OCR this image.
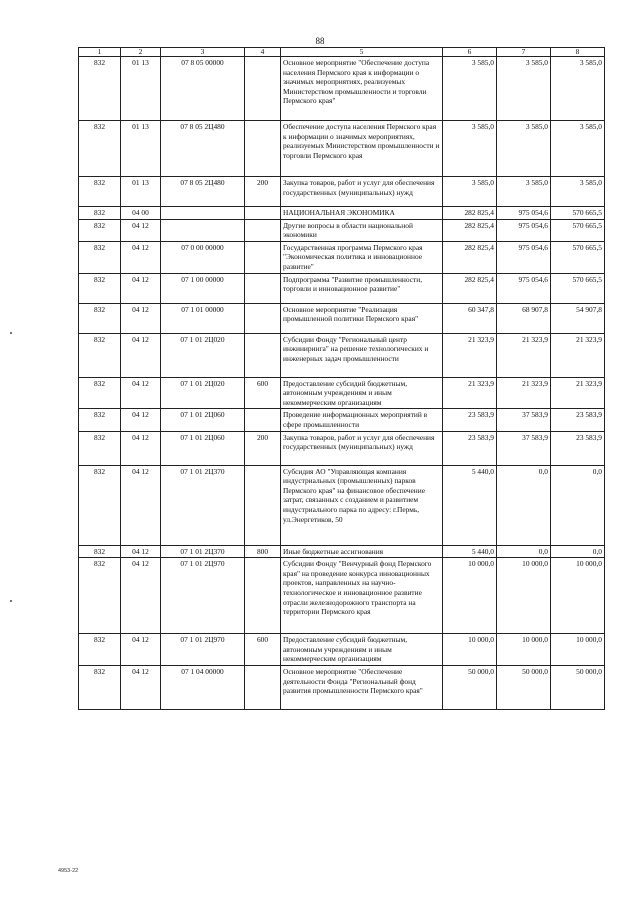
88
1	2	3	4	5	6	7	8
832	01 13	07 8 05 00000		Основное мероприятие "Обеспечение доступа населения Пермского края к информации о значимых мероприятиях, реализуемых Министерством промышленности и торговли Пермского края"	3 585,0	3 585,0	3 585,0
832	01 13	07 8 05 2Ц480		Обеспечение доступа населения Пермского края к информации о значимых мероприятиях, реализуемых Министерством промышленности и торговли Пермского края	3 585,0	3 585,0	3 585,0
832	01 13	07 8 05 2Ц480	200	Закупка товаров, работ и услуг для обеспечения государственных (муниципальных) нужд	3 585,0	3 585,0	3 585,0
832	04 00			НАЦИОНАЛЬНАЯ ЭКОНОМИКА	282 825,4	975 054,6	570 665,5
832	04 12			Другие вопросы в области национальной экономики	282 825,4	975 054,6	570 665,5
832	04 12	07 0 00 00000		Государственная программа Пермского края "Экономическая политика и инновационное развитие"	282 825,4	975 054,6	570 665,5
832	04 12	07 1 00 00000		Подпрограмма "Развитие промышленности, торговли и инновационное развитие"	282 825,4	975 054,6	570 665,5
832	04 12	07 1 01 00000		Основное мероприятие "Реализация промышленной политики Пермского края"	60 347,8	68 907,8	54 907,8
832	04 12	07 1 01 2Ц020		Субсидии Фонду "Региональный центр инжиниринга" на решение технологических и инженерных задач промышленности	21 323,9	21 323,9	21 323,9
832	04 12	07 1 01 2Ц020	600	Предоставление субсидий бюджетным, автономным учреждениям и иным некоммерческим организациям	21 323,9	21 323,9	21 323,9
832	04 12	07 1 01 2Ц060		Проведение информационных мероприятий в сфере промышленности	23 583,9	37 583,9	23 583,9
832	04 12	07 1 01 2Ц060	200	Закупка товаров, работ и услуг для обеспечения государственных (муниципальных) нужд	23 583,9	37 583,9	23 583,9
832	04 12	07 1 01 2Ц370		Субсидия АО "Управляющая компания индустриальных (промышленных) парков Пермского края" на финансовое обеспечение затрат, связанных с созданием и развитием индустриального парка по адресу: г.Пермь, ул.Энергетиков, 50	5 440,0	0,0	0,0
832	04 12	07 1 01 2Ц370	800	Иные бюджетные ассигнования	5 440,0	0,0	0,0
832	04 12	07 1 01 2Ц970		Субсидии Фонду "Венчурный фонд Пермского края" на проведение конкурса инновационных проектов, направленных на научно-технологическое и инновационное развитие отрасли железнодорожного транспорта на территории Пермского края	10 000,0	10 000,0	10 000,0
832	04 12	07 1 01 2Ц970	600	Предоставление субсидий бюджетным, автономным учреждениям и иным некоммерческим организациям	10 000,0	10 000,0	10 000,0
832	04 12	07 1 04 00000		Основное мероприятие "Обеспечение деятельности Фонда "Региональный фонд развития промышленности Пермского края"	50 000,0	50 000,0	50 000,0
4953-22
